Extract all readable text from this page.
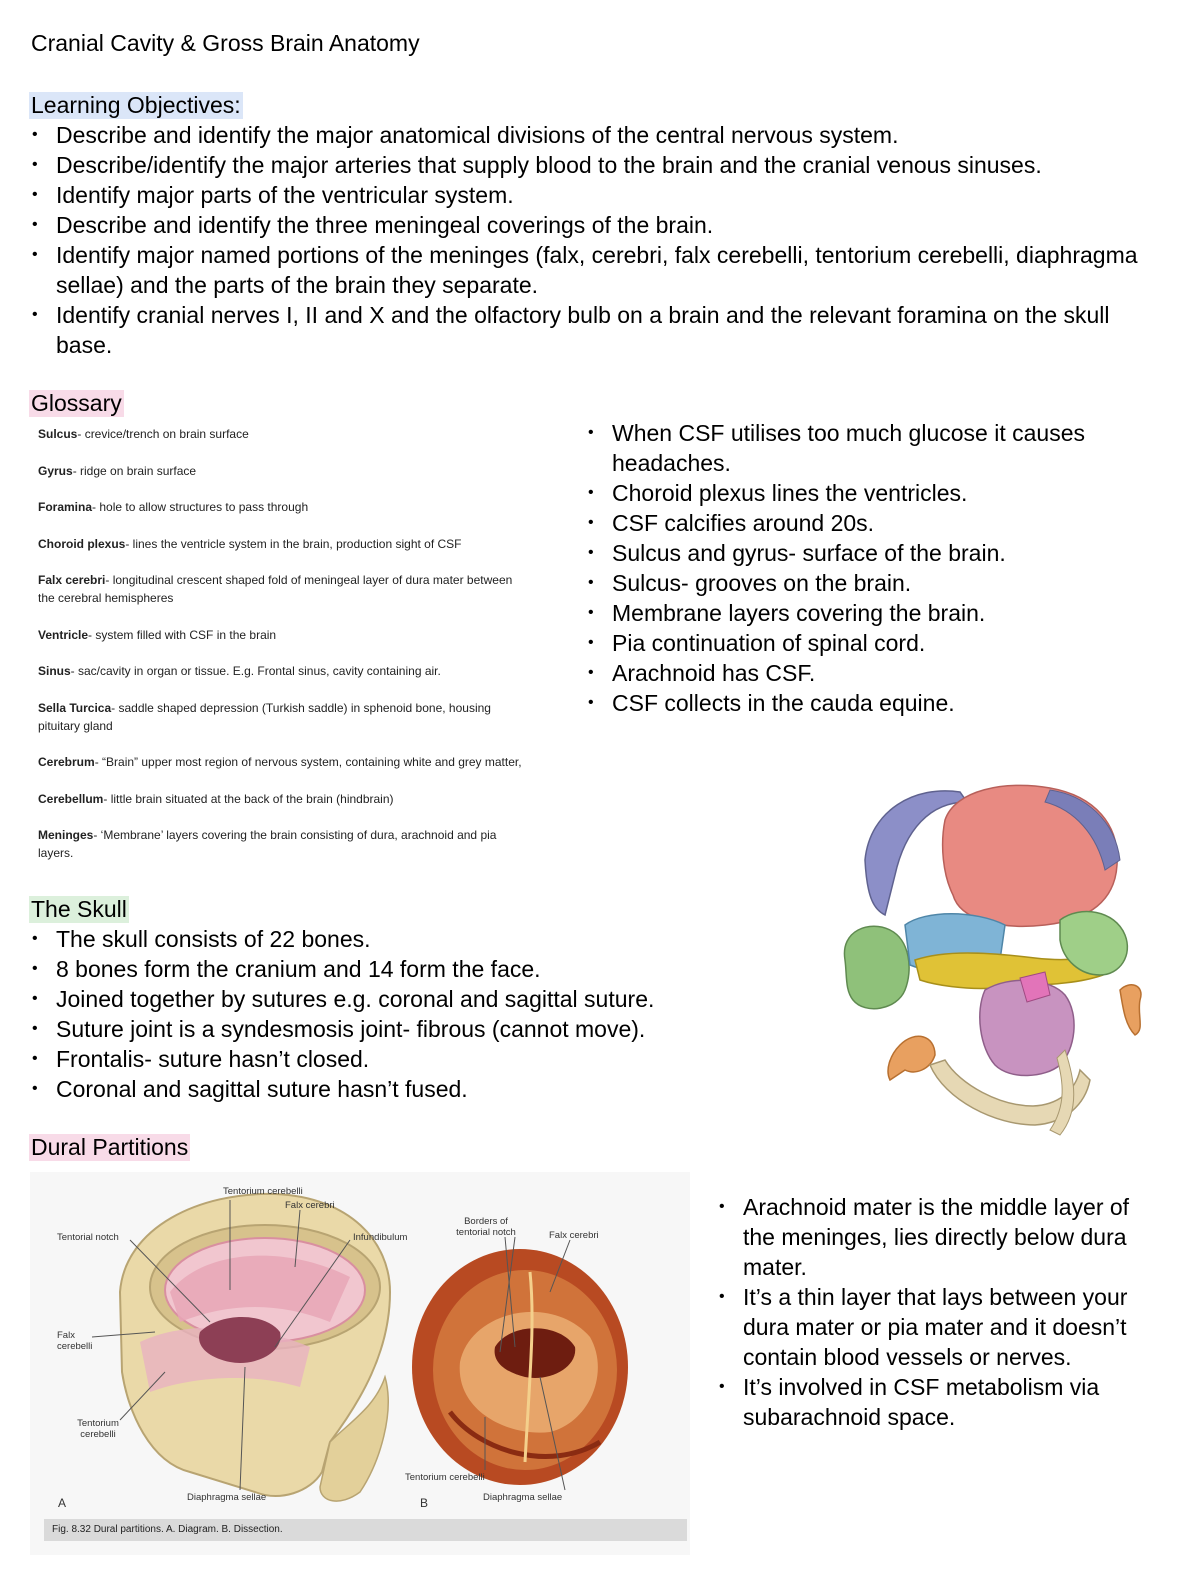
Cranial Cavity & Gross Brain Anatomy
Learning Objectives:
• Describe and identify the major anatomical divisions of the central nervous system.
• Describe/identify the major arteries that supply blood to the brain and the cranial venous sinuses.
• Identify major parts of the ventricular system.
• Describe and identify the three meningeal coverings of the brain.
• Identify major named portions of the meninges (falx, cerebri, falx cerebelli, tentorium cerebelli, diaphragma sellae) and the parts of the brain they separate.
• Identify cranial nerves I, II and X and the olfactory bulb on a brain and the relevant foramina on the skull base.
Glossary
Sulcus- crevice/trench on brain surface
Gyrus- ridge on brain surface
Foramina- hole to allow structures to pass through
Choroid plexus- lines the ventricle system in the brain, production sight of CSF
Falx cerebri- longitudinal crescent shaped fold of meningeal layer of dura mater between the cerebral hemispheres
Ventricle- system filled with CSF in the brain
Sinus- sac/cavity in organ or tissue. E.g. Frontal sinus, cavity containing air.
Sella Turcica- saddle shaped depression (Turkish saddle) in sphenoid bone, housing pituitary gland
Cerebrum- “Brain” upper most region of nervous system, containing white and grey matter,
Cerebellum- little brain situated at the back of the brain (hindbrain)
Meninges- ‘Membrane’ layers covering the brain consisting of dura, arachnoid and pia layers.
• When CSF utilises too much glucose it causes headaches.
• Choroid plexus lines the ventricles.
• CSF calcifies around 20s.
• Sulcus and gyrus- surface of the brain.
• Sulcus- grooves on the brain.
• Membrane layers covering the brain.
• Pia continuation of spinal cord.
• Arachnoid has CSF.
• CSF collects in the cauda equine.
The Skull
• The skull consists of 22 bones.
• 8 bones form the cranium and 14 form the face.
• Joined together by sutures e.g. coronal and sagittal suture.
• Suture joint is a syndesmosis joint- fibrous (cannot move).
• Frontalis- suture hasn’t closed.
• Coronal and sagittal suture hasn’t fused.
Dural Partitions
Tentorium cerebelli
Falx cerebri
Tentorial notch	Infundibulum
Falx cerebelli
Tentorium cerebelli
Diaphragma sellae
A
Borders of tentorial notch	Falx cerebri
Tentorium cerebelli
Diaphragma sellae
B
Fig. 8.32 Dural partitions. A. Diagram. B. Dissection.
• Arachnoid mater is the middle layer of the meninges, lies directly below dura mater.
• It’s a thin layer that lays between your dura mater or pia mater and it doesn’t contain blood vessels or nerves.
• It’s involved in CSF metabolism via subarachnoid space.
